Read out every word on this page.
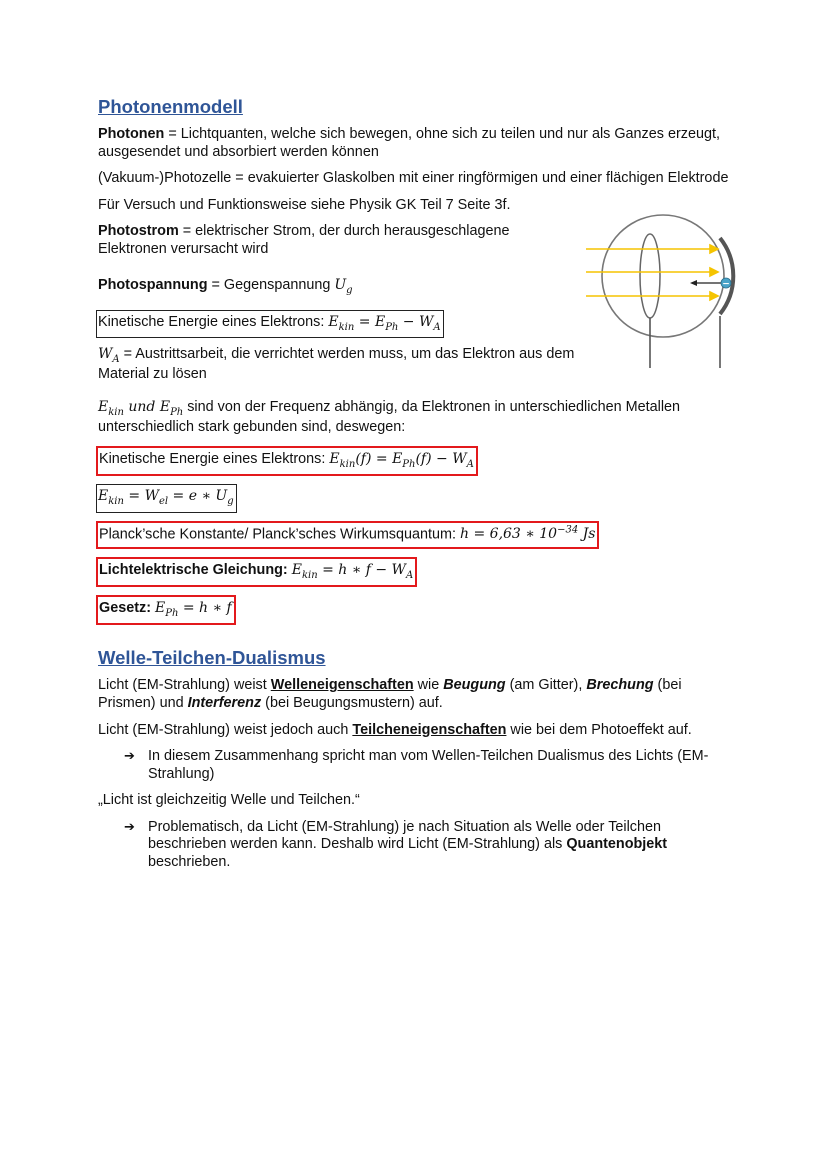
Photonenmodell

Photonen = Lichtquanten, welche sich bewegen, ohne sich zu teilen und nur als Ganzes erzeugt, ausgesendet und absorbiert werden können

(Vakuum-)Photozelle = evakuierter Glaskolben mit einer ringförmigen und einer flächigen Elektrode

Für Versuch und Funktionsweise siehe Physik GK Teil 7 Seite 3f.

Photostrom = elektrischer Strom, der durch herausgeschlagene Elektronen verursacht wird

Photospannung = Gegenspannung $U_g$

Kinetische Energie eines Elektrons: $E_{kin} = E_{Ph} - W_A$

$W_A$ = Austrittsarbeit, die verrichtet werden muss, um das Elektron aus dem Material zu lösen

$E_{kin}$ und $E_{Ph}$ sind von der Frequenz abhängig, da Elektronen in unterschiedlichen Metallen unterschiedlich stark gebunden sind, deswegen:

Kinetische Energie eines Elektrons: $E_{kin}(f) = E_{Ph}(f) - W_A$
$E_{kin} = W_{el} = e$ ∗ $U_g$
Planck’sche Konstante/ Planck’sches Wirkumsquantum: h = 6,63 ∗ $10^{-34}$ Js
Lichtelektrische Gleichung: $E_{kin} = h$ ∗ $f - W_A$
Gesetz: $E_{Ph} = h$ ∗ f
Welle-Teilchen-Dualismus

Licht (EM-Strahlung) weist Welleneigenschaften wie Beugung (am Gitter), Brechung (bei Prismen) und Interferenz (bei Beugungsmustern) auf.

Licht (EM-Strahlung) weist jedoch auch Teilcheneigenschaften wie bei dem Photoeffekt auf.

➔ In diesem Zusammenhang spricht man vom Wellen-Teilchen Dualismus des Lichts (EM-Strahlung)

„Licht ist gleichzeitig Welle und Teilchen.“

➔ Problematisch, da Licht (EM-Strahlung) je nach Situation als Welle oder Teilchen beschrieben werden kann. Deshalb wird Licht (EM-Strahlung) als Quantenobjekt beschrieben.
−
